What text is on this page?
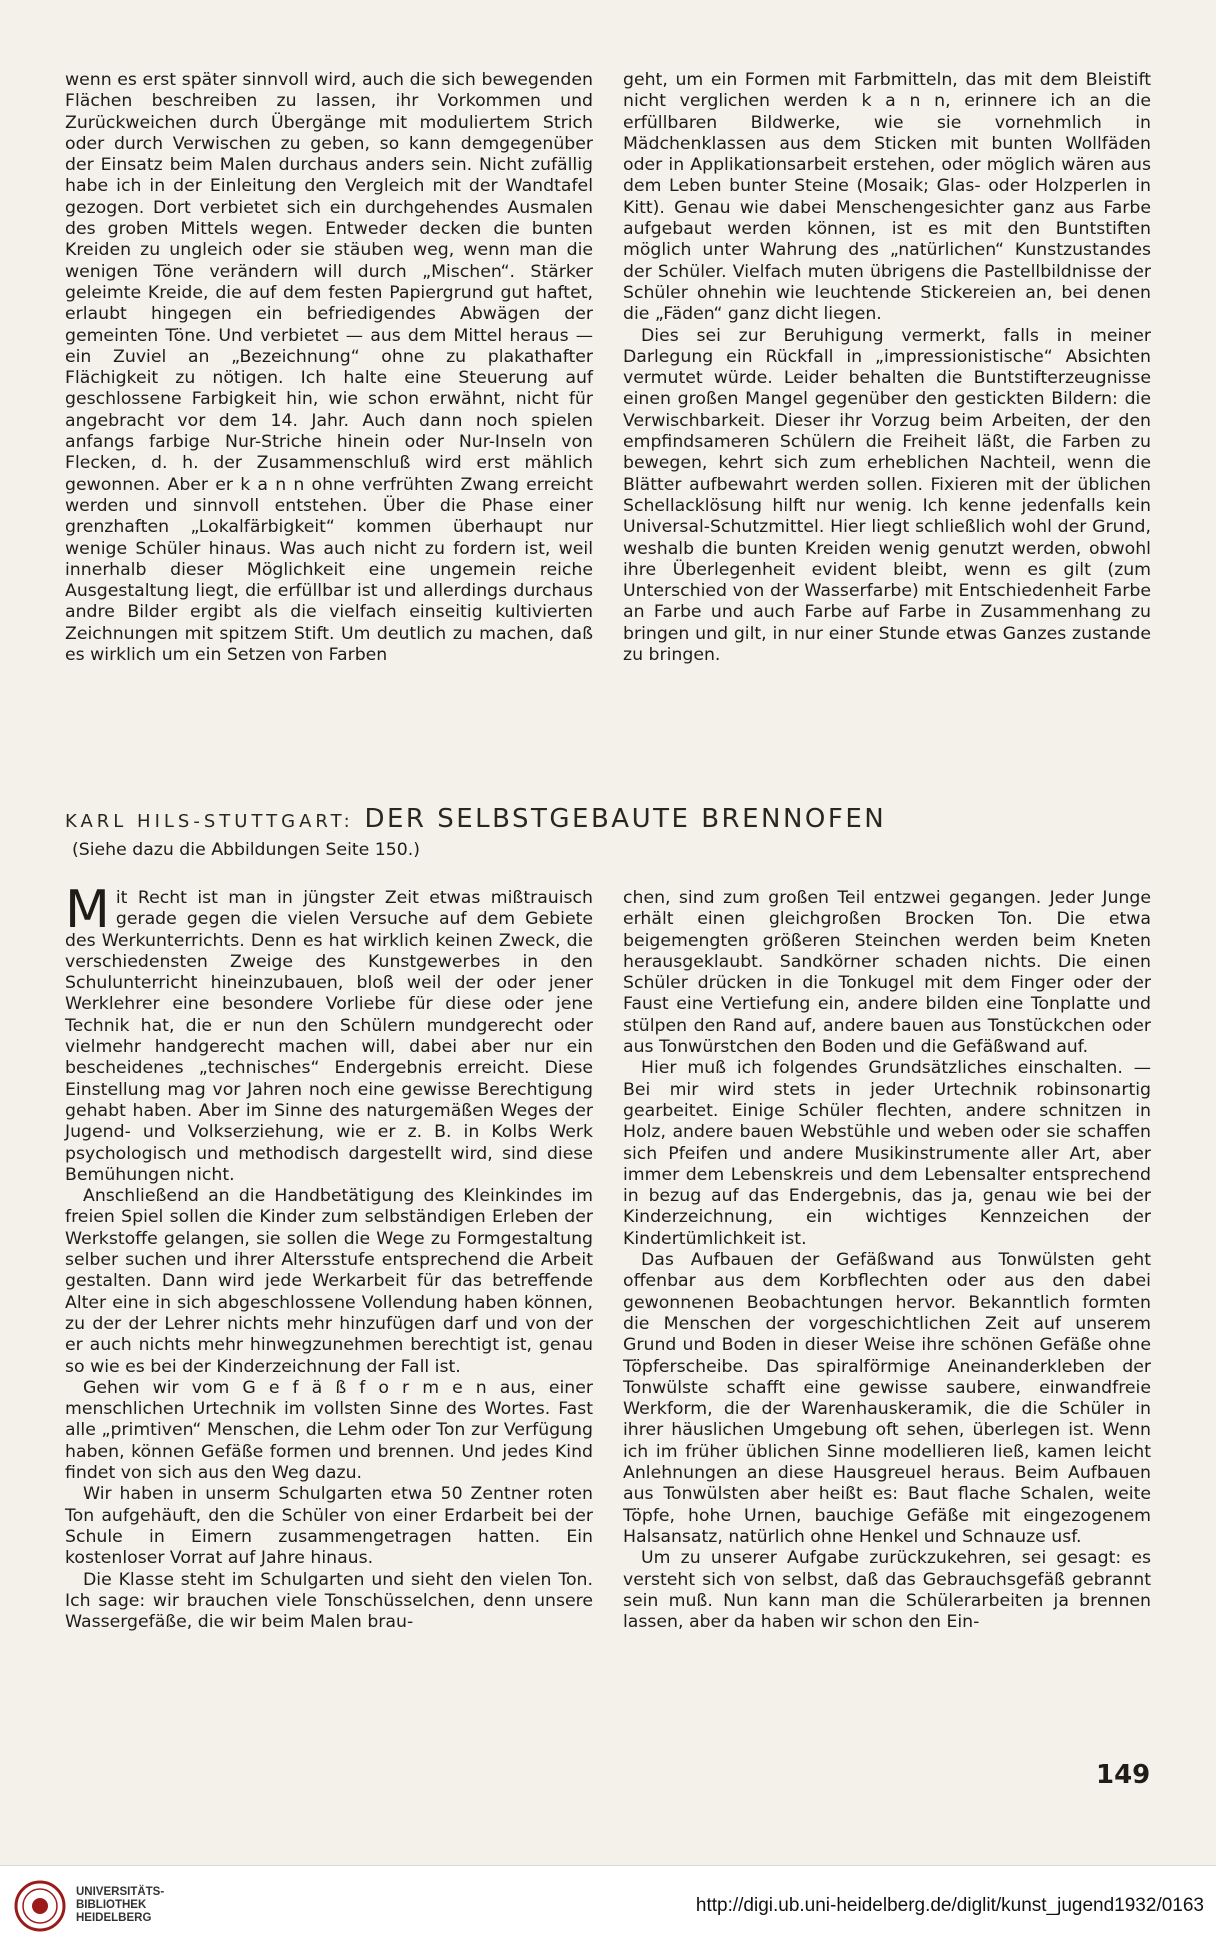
wenn es erst später sinnvoll wird, auch die sich bewegenden Flächen beschreiben zu lassen, ihr Vorkommen und Zurückweichen durch Übergänge mit moduliertem Strich oder durch Verwischen zu geben, so kann demgegenüber der Einsatz beim Malen durchaus anders sein. Nicht zufällig habe ich in der Einleitung den Vergleich mit der Wandtafel gezogen. Dort verbietet sich ein durchgehendes Ausmalen des groben Mittels wegen. Entweder decken die bunten Kreiden zu ungleich oder sie stäuben weg, wenn man die wenigen Töne verändern will durch „Mischen“. Stärker geleimte Kreide, die auf dem festen Papiergrund gut haftet, erlaubt hingegen ein befriedigendes Abwägen der gemeinten Töne. Und verbietet — aus dem Mittel heraus — ein Zuviel an „Bezeichnung“ ohne zu plakathafter Flächigkeit zu nötigen. Ich halte eine Steuerung auf geschlossene Farbigkeit hin, wie schon erwähnt, nicht für angebracht vor dem 14. Jahr. Auch dann noch spielen anfangs farbige Nur-Striche hinein oder Nur-Inseln von Flecken, d. h. der Zusammenschluß wird erst mählich gewonnen. Aber er k a n n ohne verfrühten Zwang erreicht werden und sinnvoll entstehen. Über die Phase einer grenzhaften „Lokalfärbigkeit“ kommen überhaupt nur wenige Schüler hinaus. Was auch nicht zu fordern ist, weil innerhalb dieser Möglichkeit eine ungemein reiche Ausgestaltung liegt, die erfüllbar ist und allerdings durchaus andre Bilder ergibt als die vielfach einseitig kultivierten Zeichnungen mit spitzem Stift. Um deutlich zu machen, daß es wirklich um ein Setzen von Farben

geht, um ein Formen mit Farbmitteln, das mit dem Bleistift nicht verglichen werden k a n n, erinnere ich an die erfüllbaren Bildwerke, wie sie vornehmlich in Mädchenklassen aus dem Sticken mit bunten Wollfäden oder in Applikationsarbeit erstehen, oder möglich wären aus dem Leben bunter Steine (Mosaik; Glas- oder Holzperlen in Kitt). Genau wie dabei Menschengesichter ganz aus Farbe aufgebaut werden können, ist es mit den Buntstiften möglich unter Wahrung des „natürlichen“ Kunstzustandes der Schüler. Vielfach muten übrigens die Pastellbildnisse der Schüler ohnehin wie leuchtende Stickereien an, bei denen die „Fäden“ ganz dicht liegen.

Dies sei zur Beruhigung vermerkt, falls in meiner Darlegung ein Rückfall in „impressionistische“ Absichten vermutet würde. Leider behalten die Buntstifterzeugnisse einen großen Mangel gegenüber den gestickten Bildern: die Verwischbarkeit. Dieser ihr Vorzug beim Arbeiten, der den empfindsameren Schülern die Freiheit läßt, die Farben zu bewegen, kehrt sich zum erheblichen Nachteil, wenn die Blätter aufbewahrt werden sollen. Fixieren mit der üblichen Schellacklösung hilft nur wenig. Ich kenne jedenfalls kein Universal-Schutzmittel. Hier liegt schließlich wohl der Grund, weshalb die bunten Kreiden wenig genutzt werden, obwohl ihre Überlegenheit evident bleibt, wenn es gilt (zum Unterschied von der Wasserfarbe) mit Entschiedenheit Farbe an Farbe und auch Farbe auf Farbe in Zusammenhang zu bringen und gilt, in nur einer Stunde etwas Ganzes zustande zu bringen.

KARL HILS-STUTTGART: DER SELBSTGEBAUTE BRENNOFEN
(Siehe dazu die Abbildungen Seite 150.)

Mit Recht ist man in jüngster Zeit etwas mißtrauisch gerade gegen die vielen Versuche auf dem Gebiete des Werkunterrichts. Denn es hat wirklich keinen Zweck, die verschiedensten Zweige des Kunstgewerbes in den Schulunterricht hineinzubauen, bloß weil der oder jener Werklehrer eine besondere Vorliebe für diese oder jene Technik hat, die er nun den Schülern mundgerecht oder vielmehr handgerecht machen will, dabei aber nur ein bescheidenes „technisches“ Endergebnis erreicht. Diese Einstellung mag vor Jahren noch eine gewisse Berechtigung gehabt haben. Aber im Sinne des naturgemäßen Weges der Jugend- und Volkserziehung, wie er z. B. in Kolbs Werk psychologisch und methodisch dargestellt wird, sind diese Bemühungen nicht.

Anschließend an die Handbetätigung des Kleinkindes im freien Spiel sollen die Kinder zum selbständigen Erleben der Werkstoffe gelangen, sie sollen die Wege zu Formgestaltung selber suchen und ihrer Altersstufe entsprechend die Arbeit gestalten. Dann wird jede Werkarbeit für das betreffende Alter eine in sich abgeschlossene Vollendung haben können, zu der der Lehrer nichts mehr hinzufügen darf und von der er auch nichts mehr hinwegzunehmen berechtigt ist, genau so wie es bei der Kinderzeichnung der Fall ist.

Gehen wir vom G e f ä ß f o r m e n aus, einer menschlichen Urtechnik im vollsten Sinne des Wortes. Fast alle „primtiven“ Menschen, die Lehm oder Ton zur Verfügung haben, können Gefäße formen und brennen. Und jedes Kind findet von sich aus den Weg dazu.

Wir haben in unserm Schulgarten etwa 50 Zentner roten Ton aufgehäuft, den die Schüler von einer Erdarbeit bei der Schule in Eimern zusammengetragen hatten. Ein kostenloser Vorrat auf Jahre hinaus.

Die Klasse steht im Schulgarten und sieht den vielen Ton. Ich sage: wir brauchen viele Tonschüsselchen, denn unsere Wassergefäße, die wir beim Malen brau-

chen, sind zum großen Teil entzwei gegangen. Jeder Junge erhält einen gleichgroßen Brocken Ton. Die etwa beigemengten größeren Steinchen werden beim Kneten herausgeklaubt. Sandkörner schaden nichts. Die einen Schüler drücken in die Tonkugel mit dem Finger oder der Faust eine Vertiefung ein, andere bilden eine Tonplatte und stülpen den Rand auf, andere bauen aus Tonstückchen oder aus Tonwürstchen den Boden und die Gefäßwand auf.

Hier muß ich folgendes Grundsätzliches einschalten. — Bei mir wird stets in jeder Urtechnik robinsonartig gearbeitet. Einige Schüler flechten, andere schnitzen in Holz, andere bauen Webstühle und weben oder sie schaffen sich Pfeifen und andere Musikinstrumente aller Art, aber immer dem Lebenskreis und dem Lebensalter entsprechend in bezug auf das Endergebnis, das ja, genau wie bei der Kinderzeichnung, ein wichtiges Kennzeichen der Kindertümlichkeit ist.

Das Aufbauen der Gefäßwand aus Tonwülsten geht offenbar aus dem Korbflechten oder aus den dabei gewonnenen Beobachtungen hervor. Bekanntlich formten die Menschen der vorgeschichtlichen Zeit auf unserem Grund und Boden in dieser Weise ihre schönen Gefäße ohne Töpferscheibe. Das spiralförmige Aneinanderkleben der Tonwülste schafft eine gewisse saubere, einwandfreie Werkform, die der Warenhauskeramik, die die Schüler in ihrer häuslichen Umgebung oft sehen, überlegen ist. Wenn ich im früher üblichen Sinne modellieren ließ, kamen leicht Anlehnungen an diese Hausgreuel heraus. Beim Aufbauen aus Tonwülsten aber heißt es: Baut flache Schalen, weite Töpfe, hohe Urnen, bauchige Gefäße mit eingezogenem Halsansatz, natürlich ohne Henkel und Schnauze usf.

Um zu unserer Aufgabe zurückzukehren, sei gesagt: es versteht sich von selbst, daß das Gebrauchsgefäß gebrannt sein muß. Nun kann man die Schülerarbeiten ja brennen lassen, aber da haben wir schon den Ein-

149
UNIVERSITÄTS-
BIBLIOTHEK
HEIDELBERG
http://digi.ub.uni-heidelberg.de/diglit/kunst_jugend1932/0163
